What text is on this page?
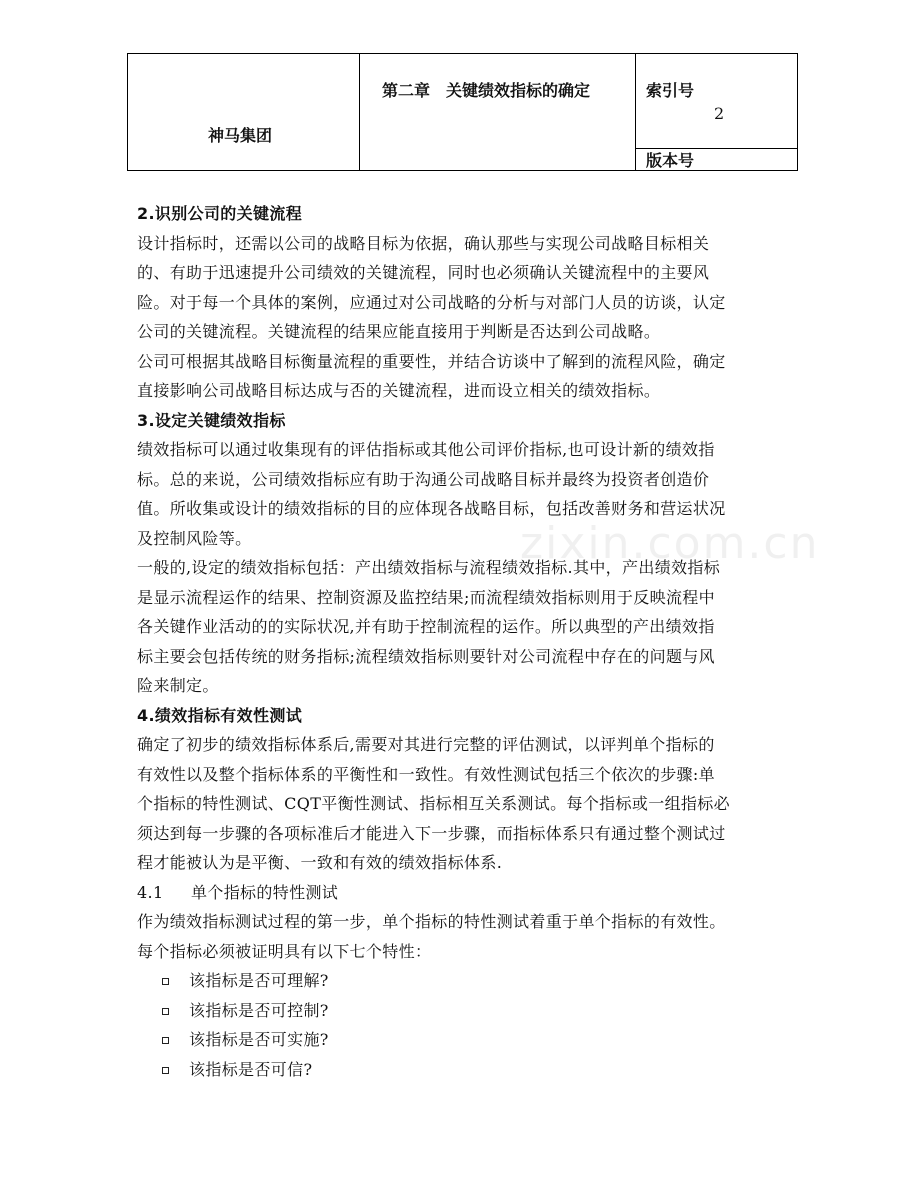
神马集团
第二章　关键绩效指标的确定	索引号
2
版本号
zixin.com.cn

2.识别公司的关键流程

设计指标时，还需以公司的战略目标为依据，确认那些与实现公司战略目标相关

的、有助于迅速提升公司绩效的关键流程，同时也必须确认关键流程中的主要风

险。对于每一个具体的案例，应通过对公司战略的分析与对部门人员的访谈，认定

公司的关键流程。关键流程的结果应能直接用于判断是否达到公司战略。

公司可根据其战略目标衡量流程的重要性，并结合访谈中了解到的流程风险，确定

直接影响公司战略目标达成与否的关键流程，进而设立相关的绩效指标。

3.设定关键绩效指标

绩效指标可以通过收集现有的评估指标或其他公司评价指标,也可设计新的绩效指

标。总的来说，公司绩效指标应有助于沟通公司战略目标并最终为投资者创造价

值。所收集或设计的绩效指标的目的应体现各战略目标，包括改善财务和营运状况

及控制风险等。

一般的,设定的绩效指标包括：产出绩效指标与流程绩效指标.其中，产出绩效指标

是显示流程运作的结果、控制资源及监控结果;而流程绩效指标则用于反映流程中

各关键作业活动的的实际状况,并有助于控制流程的运作。所以典型的产出绩效指

标主要会包括传统的财务指标;流程绩效指标则要针对公司流程中存在的问题与风

险来制定。

4.绩效指标有效性测试

确定了初步的绩效指标体系后,需要对其进行完整的评估测试，以评判单个指标的

有效性以及整个指标体系的平衡性和一致性。有效性测试包括三个依次的步骤:单

个指标的特性测试、CQT平衡性测试、指标相互关系测试。每个指标或一组指标必

须达到每一步骤的各项标准后才能进入下一步骤，而指标体系只有通过整个测试过

程才能被认为是平衡、一致和有效的绩效指标体系.

4.1	单个指标的特性测试

作为绩效指标测试过程的第一步，单个指标的特性测试着重于单个指标的有效性。

每个指标必须被证明具有以下七个特性：

该指标是否可理解?
该指标是否可控制?
该指标是否可实施?
该指标是否可信?
